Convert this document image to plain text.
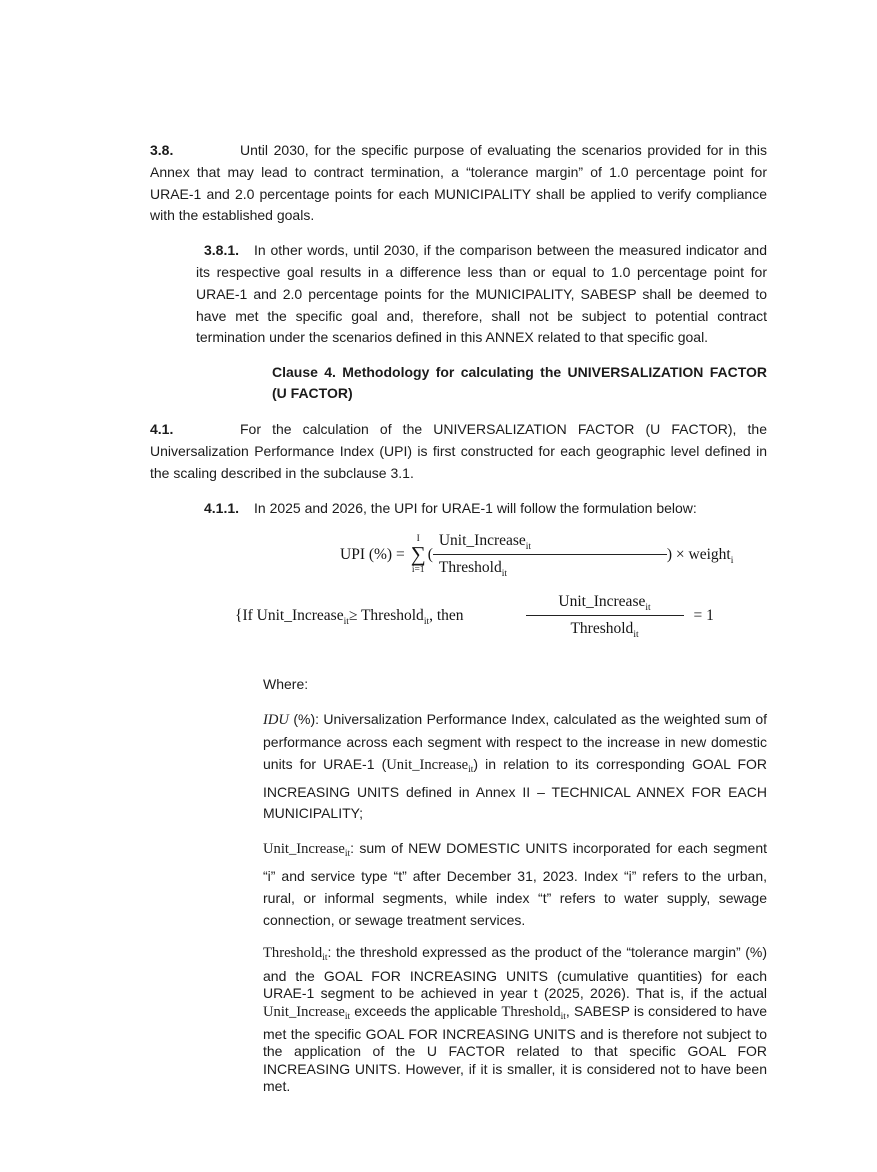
3.8.	Until 2030, for the specific purpose of evaluating the scenarios provided for in this Annex that may lead to contract termination, a “tolerance margin” of 1.0 percentage point for URAE-1 and 2.0 percentage points for each MUNICIPALITY shall be applied to verify compliance with the established goals.

3.8.1. In other words, until 2030, if the comparison between the measured indicator and its respective goal results in a difference less than or equal to 1.0 percentage point for URAE-1 and 2.0 percentage points for the MUNICIPALITY, SABESP shall be deemed to have met the specific goal and, therefore, shall not be subject to potential contract termination under the scenarios defined in this ANNEX related to that specific goal.

Clause 4. Methodology for calculating the UNIVERSALIZATION FACTOR (U FACTOR)

4.1.	For the calculation of the UNIVERSALIZATION FACTOR (U FACTOR), the Universalization Performance Index (UPI) is first constructed for each geographic level defined in the scaling described in the subclause 3.1.

4.1.1. In 2025 and 2026, the UPI for URAE-1 will follow the formulation below:

UPI (%) =
I
∑
i=1
( $\frac{Unit\_Increase_{it}}{Threshold_{it}}$ )
×
weight$_i$
{If Unit_Increase$_{it}$≥ Threshold$_{it}$, then	$\frac{Unit\_Increase_{it}}{Threshold_{it}} = 1$

Where:

IDU (%): Universalization Performance Index, calculated as the weighted sum of performance across each segment with respect to the increase in new domestic units for URAE-1 (Unit_Increase$_{it}$) in relation to its corresponding GOAL FOR INCREASING UNITS defined in Annex II – TECHNICAL ANNEX FOR EACH MUNICIPALITY;

Unit_Increase$_{it}$: sum of NEW DOMESTIC UNITS incorporated for each segment “i” and service type “t” after December 31, 2023. Index “i” refers to the urban, rural, or informal segments, while index “t” refers to water supply, sewage connection, or sewage treatment services.

Threshold$_{it}$: the threshold expressed as the product of the “tolerance margin” (%) and the GOAL FOR INCREASING UNITS (cumulative quantities) for each URAE-1 segment to be achieved in year t (2025, 2026). That is, if the actual Unit_Increase$_{it}$ exceeds the applicable Threshold$_{it}$, SABESP is considered to have met the specific GOAL FOR INCREASING UNITS and is therefore not subject to the application of the U FACTOR related to that specific GOAL FOR INCREASING UNITS. However, if it is smaller, it is considered not to have been met.
